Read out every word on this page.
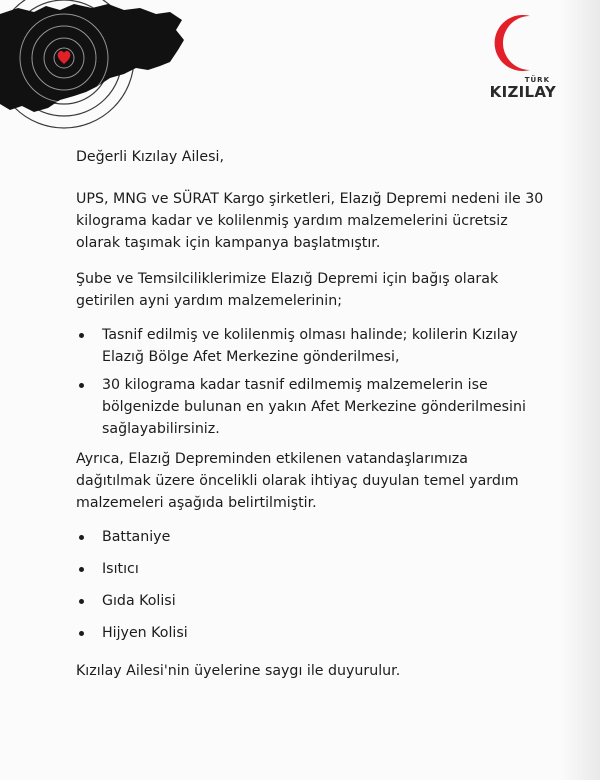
TÜRK
KIZILAY

Değerli Kızılay Ailesi,

UPS, MNG ve SÜRAT Kargo şirketleri, Elazığ Depremi nedeni ile 30 kilograma kadar ve kolilenmiş yardım malzemelerini ücretsiz olarak taşımak için kampanya başlatmıştır.

Şube ve Temsilciliklerimize Elazığ Depremi için bağış olarak getirilen ayni yardım malzemelerinin;

Tasnif edilmiş ve kolilenmiş olması halinde; kolilerin Kızılay Elazığ Bölge Afet Merkezine gönderilmesi,
30 kilograma kadar tasnif edilmemiş malzemelerin ise bölgenizde bulunan en yakın Afet Merkezine gönderilmesini sağlayabilirsiniz.

Ayrıca, Elazığ Depreminden etkilenen vatandaşlarımıza dağıtılmak üzere öncelikli olarak ihtiyaç duyulan temel yardım malzemeleri aşağıda belirtilmiştir.

Battaniye
Isıtıcı
Gıda Kolisi
Hijyen Kolisi

Kızılay Ailesi'nin üyelerine saygı ile duyurulur.
